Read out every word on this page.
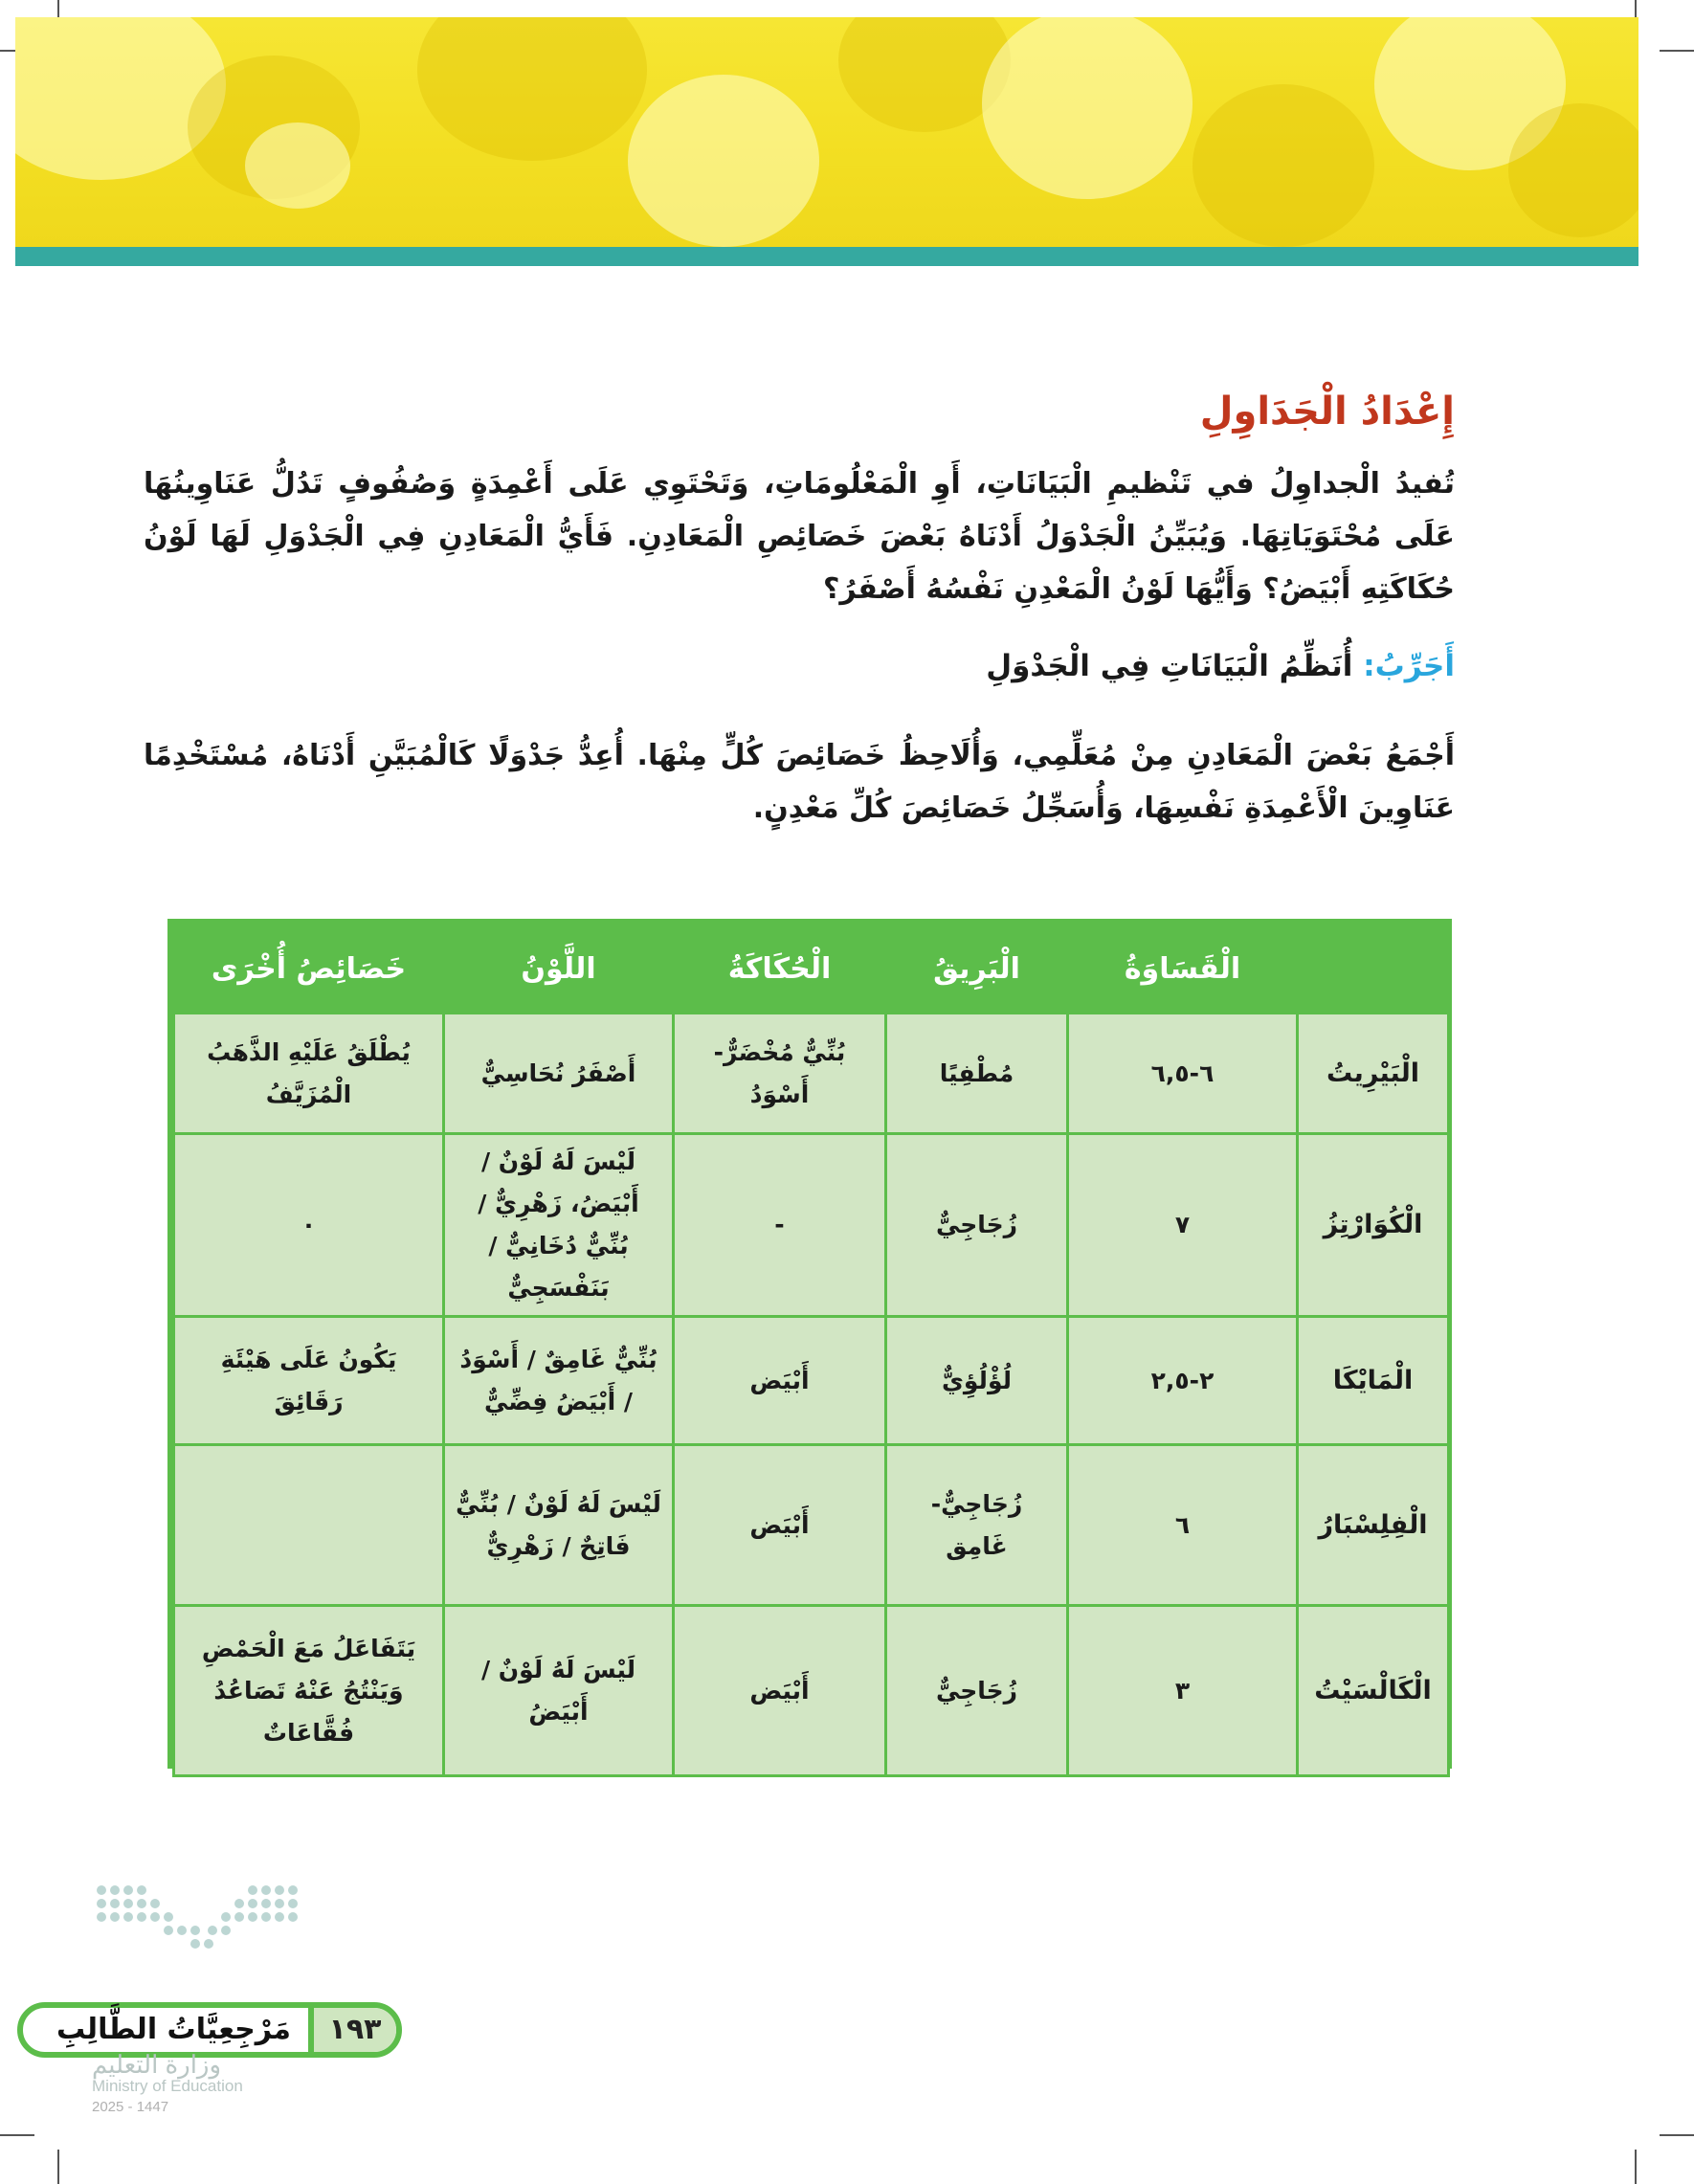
إِعْدَادُ الْجَدَاوِلِ

تُفيدُ الْجداوِلُ في تَنْظيمِ الْبَيَانَاتِ، أَوِ الْمَعْلُومَاتِ، وَتَحْتَوِي عَلَى أَعْمِدَةٍ وَصُفُوفٍ تَدُلُّ عَنَاوِينُهَا عَلَى مُحْتَوَيَاتِهَا. وَيُبَيِّنُ الْجَدْوَلُ أَدْنَاهُ بَعْضَ خَصَائِصِ الْمَعَادِنِ. فَأَيُّ الْمَعَادِنِ فِي الْجَدْوَلِ لَهَا لَوْنُ حُكَاكَتِهِ أَبْيَضُ؟ وَأَيُّهَا لَوْنُ الْمَعْدِنِ نَفْسُهُ أَصْفَرُ؟

أَجَرِّبُ: أُنَظِّمُ الْبَيَانَاتِ فِي الْجَدْوَلِ

أَجْمَعُ بَعْضَ الْمَعَادِنِ مِنْ مُعَلِّمِي، وَأُلَاحِظُ خَصَائِصَ كُلٍّ مِنْهَا. أُعِدُّ جَدْوَلًا كَالْمُبَيَّنِ أَدْنَاهُ، مُسْتَخْدِمًا عَنَاوِينَ الْأَعْمِدَةِ نَفْسِهَا، وَأُسَجِّلُ خَصَائِصَ كُلِّ مَعْدِنٍ.

	الْقَسَاوَةُ	الْبَرِيقُ	الْحُكَاكَةُ	اللَّوْنُ	خَصَائِصُ أُخْرَى
الْبَيْرِيتُ	٦-٦,٥	مُطْفِيًا	بُنِّيٌّ مُخْضَرٌّ- أَسْوَدُ	أَصْفَرُ نُحَاسِيٌّ	يُطْلَقُ عَلَيْهِ الذَّهَبُ الْمُزَيَّفُ
الْكُوَارْتِزُ	٧	زُجَاجِيٌّ	-	لَيْسَ لَهُ لَوْنٌ / أَبْيَضُ، زَهْرِيٌّ / بُنِّيٌّ دُخَانِيٌّ / بَنَفْسَجِيٌّ	٠
الْمَايْكَا	٢-٢,٥	لُؤْلُؤِيٌّ	أَبْيَض	بُنِّيٌّ غَامِقٌ / أَسْوَدُ / أَبْيَضُ فِضِّيٌّ	يَكُونُ عَلَى هَيْئَةِ رَقَائِقَ
الْفِلِسْبَارُ	٦	زُجَاجِيٌّ- غَامِق	أَبْيَض	لَيْسَ لَهُ لَوْنٌ / بُنِّيٌّ فَاتِحٌ / زَهْرِيٌّ	
الْكَالْسَيْتُ	٣	زُجَاجِيٌّ	أَبْيَض	لَيْسَ لَهُ لَوْنٌ / أَبْيَضُ	يَتَفَاعَلُ مَعَ الْحَمْضِ وَيَنْتُجُ عَنْهُ تَصَاعُدُ فُقَّاعَاتٌ
١٩٣
مَرْجِعِيَّاتُ الطَّالِبِ
وزارة التعليم
Ministry of Education
2025 - 1447
